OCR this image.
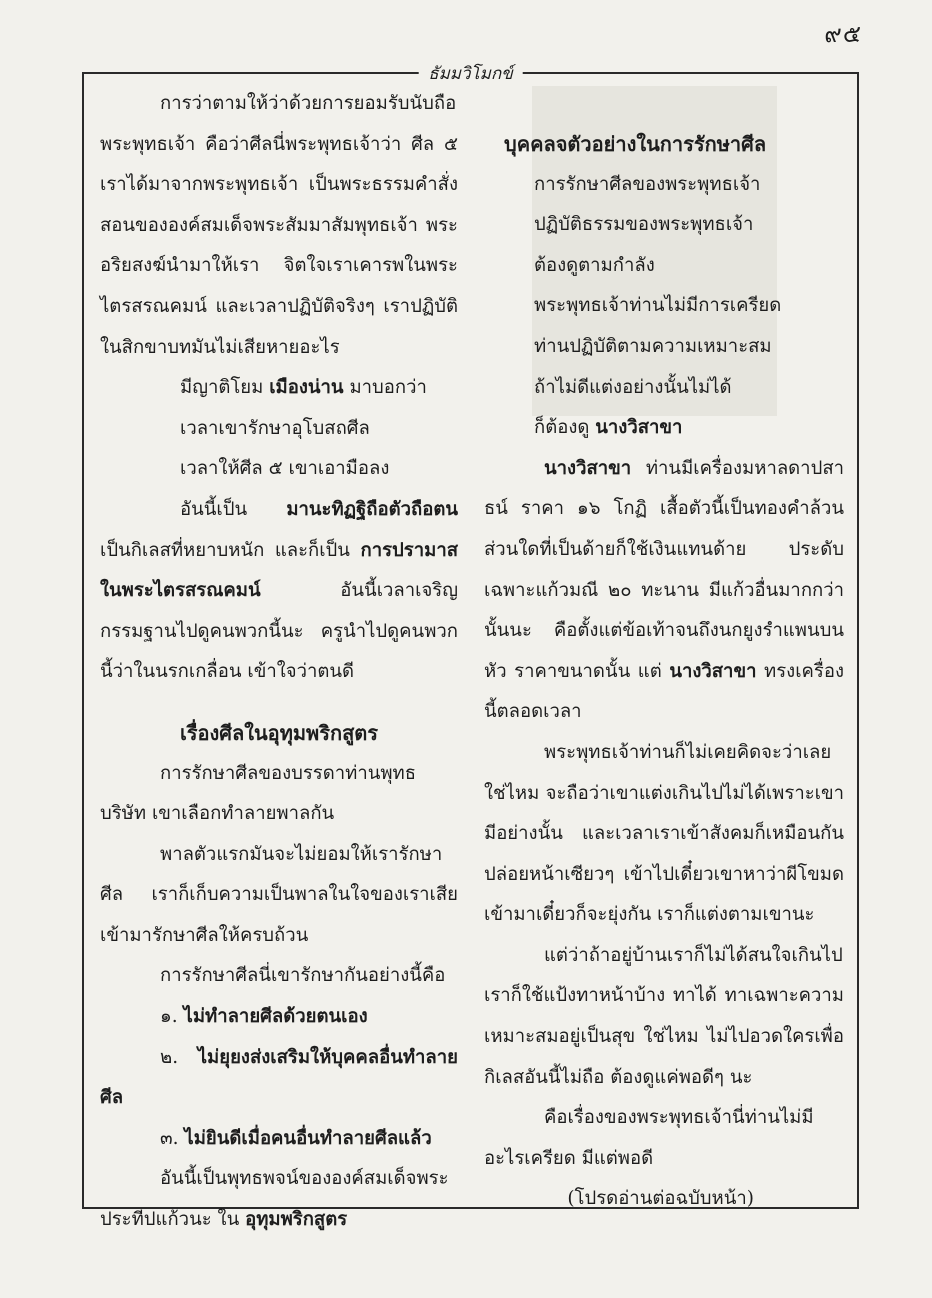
๙๕
ธัมมวิโมกข์

การว่าตามให้ว่าด้วยการยอมรับนับถือพระพุทธเจ้า คือว่าศีลนี่พระพุทธเจ้าว่า ศีล ๕ เราได้มาจากพระพุทธเจ้า เป็นพระธรรมคำสั่งสอนขององค์สมเด็จพระสัมมาสัมพุทธเจ้า พระอริยสงฆ์นำมาให้เรา จิตใจเราเคารพในพระไตรสรณคมน์ และเวลาปฏิบัติจริงๆ เราปฏิบัติในสิกขาบทมันไม่เสียหายอะไร

มีญาติโยม เมืองน่าน มาบอกว่า

เวลาเขารักษาอุโบสถศีล

เวลาให้ศีล ๕ เขาเอามือลง

อันนี้เป็น มานะทิฏฐิถือตัวถือตน เป็นกิเลสที่หยาบหนัก และก็เป็น การปรามาสในพระไตรสรณคมน์ อันนี้เวลาเจริญกรรมฐานไปดูคนพวกนี้นะ ครูนำไปดูคนพวกนี้ว่าในนรกเกลื่อน เข้าใจว่าตนดี

เรื่องศีลในอุทุมพริกสูตร

การรักษาศีลของบรรดาท่านพุทธบริษัท เขาเลือกทำลายพาลกัน

พาลตัวแรกมันจะไม่ยอมให้เรารักษาศีล เราก็เก็บความเป็นพาลในใจของเราเสีย เข้ามารักษาศีลให้ครบถ้วน

การรักษาศีลนี่เขารักษากันอย่างนี้คือ

๑. ไม่ทำลายศีลด้วยตนเอง

๒. ไม่ยุยงส่งเสริมให้บุคคลอื่นทำลายศีล

๓. ไม่ยินดีเมื่อคนอื่นทำลายศีลแล้ว

อันนี้เป็นพุทธพจน์ขององค์สมเด็จพระประทีปแก้วนะ ใน อุทุมพริกสูตร

บุคคลจตัวอย่างในการรักษาศีล

การรักษาศีลของพระพุทธเจ้า

ปฏิบัติธรรมของพระพุทธเจ้า

ต้องดูตามกำลัง

พระพุทธเจ้าท่านไม่มีการเครียด

ท่านปฏิบัติตามความเหมาะสม

ถ้าไม่ดีแต่งอย่างนั้นไม่ได้

ก็ต้องดู นางวิสาขา

นางวิสาขา ท่านมีเครื่องมหาลดาปสาธน์ ราคา ๑๖ โกฏิ เสื้อตัวนี้เป็นทองคำล้วนส่วนใดที่เป็นด้ายก็ใช้เงินแทนด้าย ประดับเฉพาะแก้วมณี ๒๐ ทะนาน มีแก้วอื่นมากกว่านั้นนะ คือตั้งแต่ข้อเท้าจนถึงนกยูงรำแพนบนหัว ราคาขนาดนั้น แต่ นางวิสาขา ทรงเครื่องนี้ตลอดเวลา

พระพุทธเจ้าท่านก็ไม่เคยคิดจะว่าเลยใช่ไหม จะถือว่าเขาแต่งเกินไปไม่ได้เพราะเขามีอย่างนั้น และเวลาเราเข้าสังคมก็เหมือนกัน ปล่อยหน้าเซียวๆ เข้าไปเดี๋ยวเขาหาว่าผีโขมดเข้ามาเดี๋ยวก็จะยุ่งกัน เราก็แต่งตามเขานะ

แต่ว่าถ้าอยู่บ้านเราก็ไม่ได้สนใจเกินไปเราก็ใช้แป้งทาหน้าบ้าง ทาได้ ทาเฉพาะความเหมาะสมอยู่เป็นสุข ใช่ไหม ไม่ไปอวดใครเพื่อกิเลสอันนี้ไม่ถือ ต้องดูแค่พอดีๆ นะ

คือเรื่องของพระพุทธเจ้านี่ท่านไม่มีอะไรเครียด มีแต่พอดี

(โปรดอ่านต่อฉบับหน้า)
